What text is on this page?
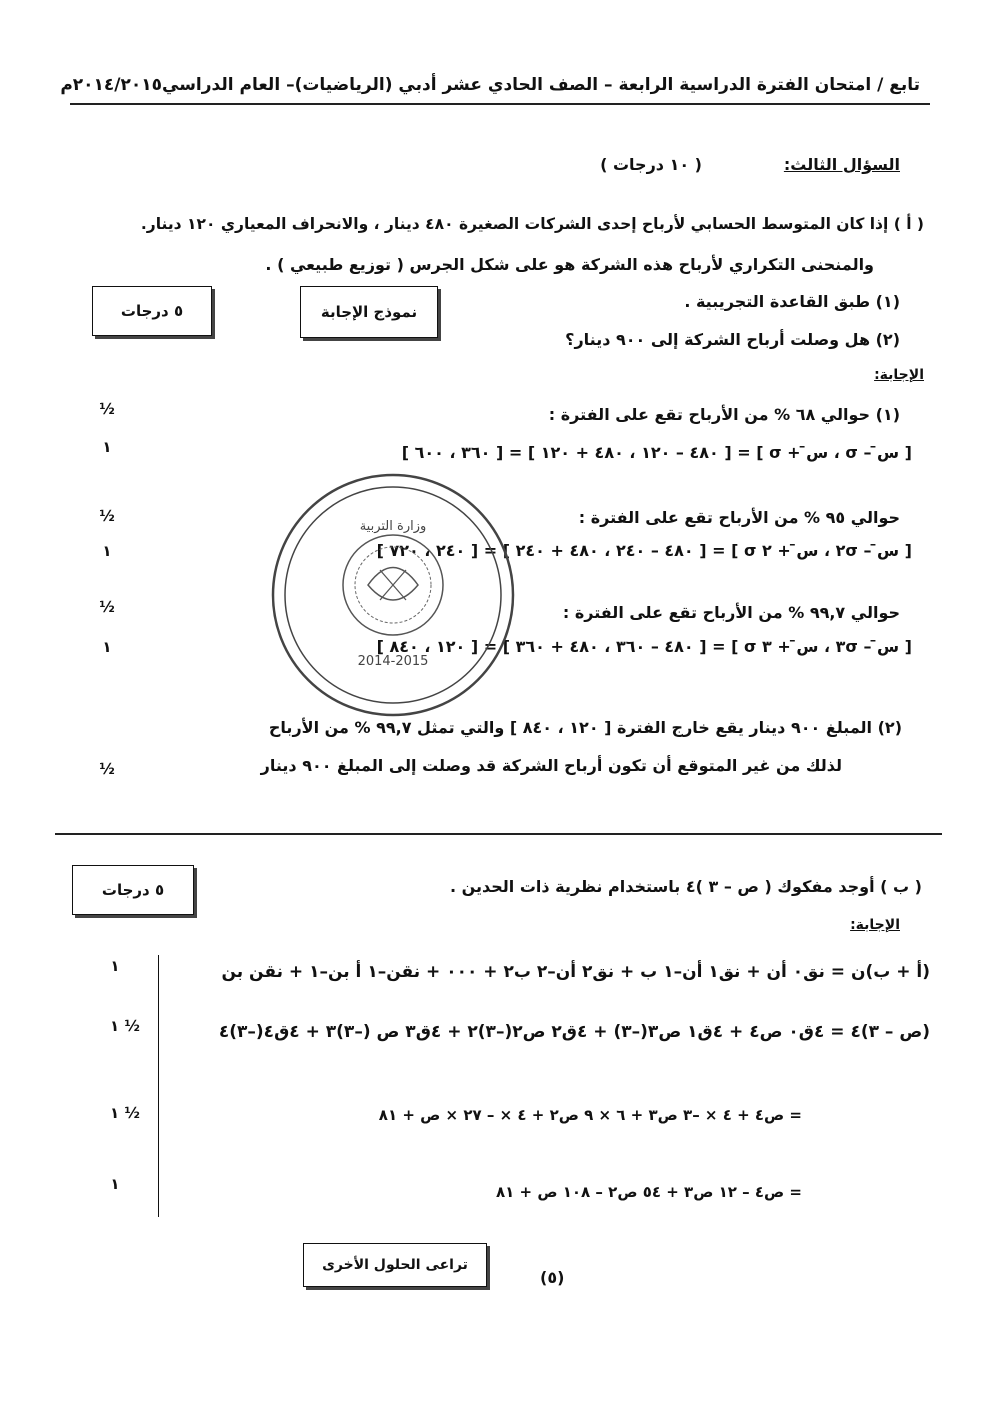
تابع / امتحان الفترة الدراسية الرابعة – الصف الحادي عشر أدبي (الرياضيات)– العام الدراسي٢٠١٤/٢٠١٥م
السؤال الثالث:
( ١٠ درجات )
( أ ) إذا كان المتوسط الحسابي لأرباح إحدى الشركات الصغيرة ٤٨٠ دينار ، والانحراف المعياري ١٢٠ دينار.
والمنحنى التكراري لأرباح هذه الشركة هو على شكل الجرس ( توزيع طبيعي ) .
(١) طبق القاعدة التجريبية .
(٢) هل وصلت أرباح الشركة إلى ٩٠٠ دينار؟
نموذج الإجابة
٥ درجات
الإجابة:
(١) حوالي ٦٨ % من الأرباح تقع على الفترة :
[ س̄ – σ ، س̄ + σ ] = [ ٤٨٠ – ١٢٠ ، ٤٨٠ + ١٢٠ ] = [ ٣٦٠ ، ٦٠٠ ]
حوالي ٩٥ % من الأرباح تقع على الفترة :
[ س̄ – ٢σ ، س̄ + ٢ σ ] = [ ٤٨٠ – ٢٤٠ ، ٤٨٠ + ٢٤٠ ] = [ ٢٤٠ ، ٧٢٠ ]
حوالي ٩٩,٧ % من الأرباح تقع على الفترة :
[ س̄ – ٣σ ، س̄ + ٣ σ ] = [ ٤٨٠ – ٣٦٠ ، ٤٨٠ + ٣٦٠ ] = [ ١٢٠ ، ٨٤٠ ]
(٢) المبلغ ٩٠٠ دينار يقع خارج الفترة [ ١٢٠ ، ٨٤٠ ] والتي تمثل ٩٩,٧ % من الأرباح
لذلك من غير المتوقع أن تكون أرباح الشركة قد وصلت إلى المبلغ ٩٠٠ دينار
½
١
½
١
½
١
½
وزارة التربية
2014-2015
( ب ) أوجد مفكوك ( ص – ٣ )٤ باستخدام نظرية ذات الحدين .
٥ درجات
الإجابة:
(أ + ب)ن = نق٠ أن + نق١ أن–١ ب + نق٢ أن–٢ ب٢ + ٠٠٠ + نقن–١ أ بن–١ + نقن بن
(ص – ٣)٤ = ٤ق٠ ص٤ + ٤ق١ ص٣(–٣) + ٤ق٢ ص٢(–٣)٢ + ٤ق٣ ص (–٣)٣ + ٤ق٤(–٣)٤
= ص٤ + ٤ × –٣ ص٣ + ٦ × ٩ ص٢ + ٤ × – ٢٧ × ص + ٨١
= ص٤ – ١٢ ص٣ + ٥٤ ص٢ – ١٠٨ ص + ٨١
١
١ ½
١ ½
١
تراعى الحلول الأخرى
(٥)
